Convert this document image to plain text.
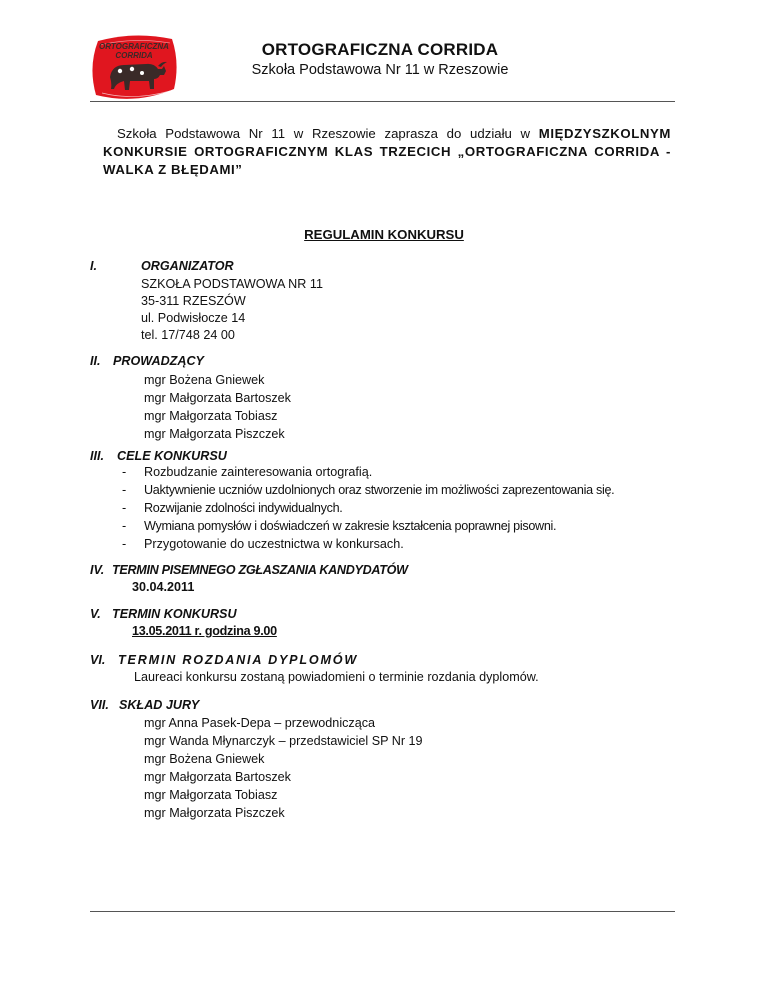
ORTOGRAFICZNA
CORRIDA	ORTOGRAFICZNA CORRIDA
Szkoła Podstawowa Nr 11 w Rzeszowie
Szkoła Podstawowa Nr 11 w Rzeszowie zaprasza do udziału w MIĘDZYSZKOLNYM KONKURSIE ORTOGRAFICZNYM KLAS TRZECICH „ORTOGRAFICZNA CORRIDA - WALKA Z BŁĘDAMI”
REGULAMIN KONKURSU
I.	ORGANIZATOR
SZKOŁA PODSTAWOWA NR 11
35-311 RZESZÓW
ul. Podwisłocze 14
tel. 17/748 24 00
II. PROWADZĄCY
mgr Bożena Gniewek
mgr Małgorzata Bartoszek
mgr Małgorzata Tobiasz
mgr Małgorzata Piszczek
III. CELE KONKURSU
- Rozbudzanie zainteresowania ortografią.
- Uaktywnienie uczniów uzdolnionych oraz stworzenie im możliwości zaprezentowania się.
- Rozwijanie zdolności indywidualnych.
- Wymiana pomysłów i doświadczeń w zakresie kształcenia poprawnej pisowni.
- Przygotowanie do uczestnictwa w konkursach.
IV. TERMIN PISEMNEGO ZGŁASZANIA KANDYDATÓW
30.04.2011
V. TERMIN KONKURSU
13.05.2011 r. godzina 9.00
VI. TERMIN ROZDANIA DYPLOMÓW
Laureaci konkursu zostaną powiadomieni o terminie rozdania dyplomów.
VII. SKŁAD JURY
mgr Anna Pasek-Depa – przewodnicząca
mgr Wanda Młynarczyk – przedstawiciel SP Nr 19
mgr Bożena Gniewek
mgr Małgorzata Bartoszek
mgr Małgorzata Tobiasz
mgr Małgorzata Piszczek
